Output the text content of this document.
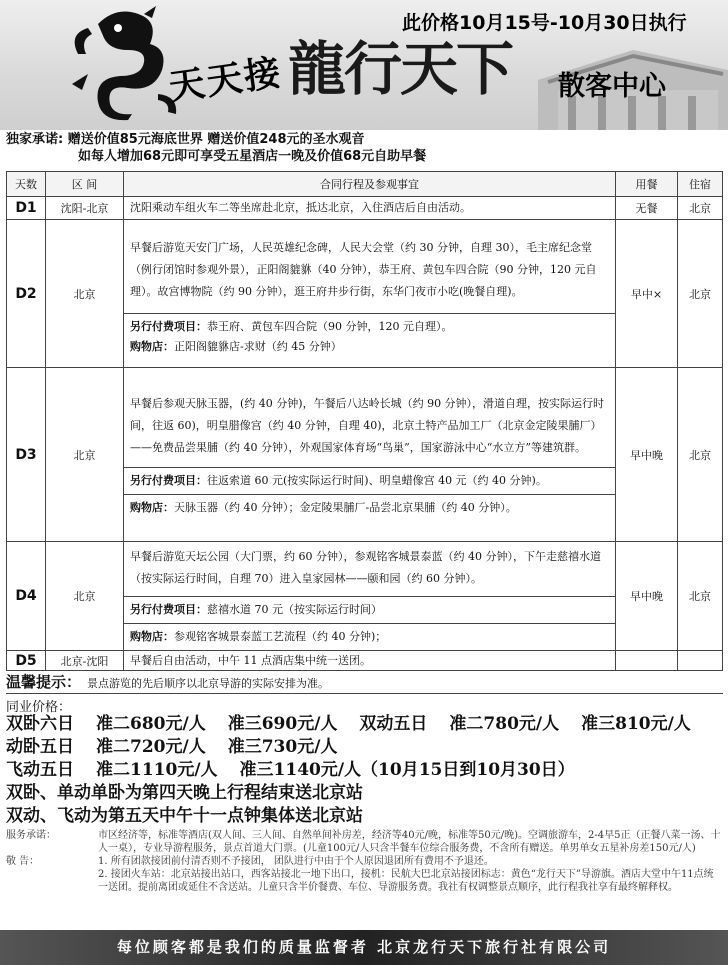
天天接 龍行天下
此价格10月15号-10月30日执行
散客中心
独家承诺: 赠送价值85元海底世界 赠送价值248元的圣水观音
如每人增加68元即可享受五星酒店一晚及价值68元自助早餐
天数	区 间	合同行程及参观事宜	用餐	住宿
D1	沈阳-北京	沈阳乘动车组火车二等坐席赴北京，抵达北京，入住酒店后自由活动。	无餐	北京
D2	北京	早餐后游览天安门广场，人民英雄纪念碑，人民大会堂（约 30 分钟，自理 30），毛主席纪念堂（例行闭馆时参观外景），正阳阁貔貅（40 分钟），恭王府、黄包车四合院（90 分钟，120 元自理）。故宫博物院（约 90 分钟），逛王府井步行街，东华门夜市小吃(晚餐自理)。
另行付费项目：恭王府、黄包车四合院（90 分钟，120 元自理）。
购物店：正阳阁貔貅店-求财（约 45 分钟）	早中×	北京
D3	北京	早餐后参观天脉玉器，(约 40 分钟)，午餐后八达岭长城（约 90 分钟），滑道自理，按实际运行时间，往返 60)，明皇腊像宫（约 40 分钟，自理 40)，北京土特产品加工厂（北京金定陵果脯厂）——免费品尝果脯（约 40 分钟），外观国家体育场“鸟巢”，国家游泳中心“水立方”等建筑群。
另行付费项目：往返索道 60 元(按实际运行时间)、明皇蜡像宫 40 元（约 40 分钟)。
购物店：天脉玉器（约 40 分钟）；金定陵果脯厂-品尝北京果脯（约 40 分钟）。	早中晚	北京
D4	北京	早餐后游览天坛公园（大门票，约 60 分钟），参观铭客城景泰蓝（约 40 分钟），下午走慈禧水道（按实际运行时间，自理 70）进入皇家园林——颐和园（约 60 分钟）。
另行付费项目：慈禧水道 70 元（按实际运行时间）
购物店：参观铭客城景泰蓝工艺流程（约 40 分钟)；	早中晚	北京
D5	北京-沈阳	早餐后自由活动，中午 11 点酒店集中统一送团。		

温馨提示： 景点游览的先后顺序以北京导游的实际安排为准。
同业价格：
双卧六日 准二680元/人 准三690元/人 双动五日 准二780元/人 准三810元/人
动卧五日 准二720元/人 准三730元/人
飞动五日 准二1110元/人 准三1140元/人（10月15日到10月30日）
双卧、单动单卧为第四天晚上行程结束送北京站
双动、飞动为第五天中午十一点钟集体送北京站
服务承诺：	市区经济等，标准等酒店(双人间、三人间、自然单间补房差，经济等40元/晚，标准等50元/晚)。空调旅游车，2-4早5正（正餐八菜一汤、十人一桌），专业导游程服务，景点首道大门票。(儿童100元/人只含半餐车位综合服务费，不含所有赠送。单男单女五星补房差150元/人)
敬 告：	1. 所有团款接团前付清否则不予接团， 团队进行中由于个人原因退团所有费用不予退还。
2. 接团火车站：北京站接出站口，西客站接北一地下出口，接机：民航大巴北京站接团标志：黄色“龙行天下”导游旗。酒店大堂中午11点统一送团。提前离团或延住不含送站。儿童只含半价餐费、车位、导游服务费。我社有权调整景点顺序，此行程我社享有最终解释权。
每位顾客都是我们的质量监督者 北京龙行天下旅行社有限公司
